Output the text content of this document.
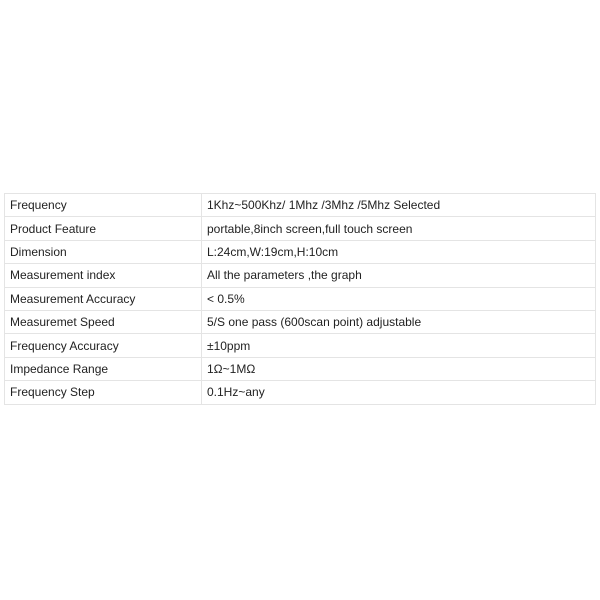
Frequency	1Khz~500Khz/ 1Mhz /3Mhz /5Mhz Selected
Product Feature	portable,8inch screen,full touch screen
Dimension	L:24cm,W:19cm,H:10cm
Measurement index	All the parameters ,the graph
Measurement Accuracy	< 0.5%
Measuremet Speed	5/S one pass (600scan point) adjustable
Frequency Accuracy	±10ppm
Impedance Range	1Ω~1MΩ
Frequency Step	0.1Hz~any
